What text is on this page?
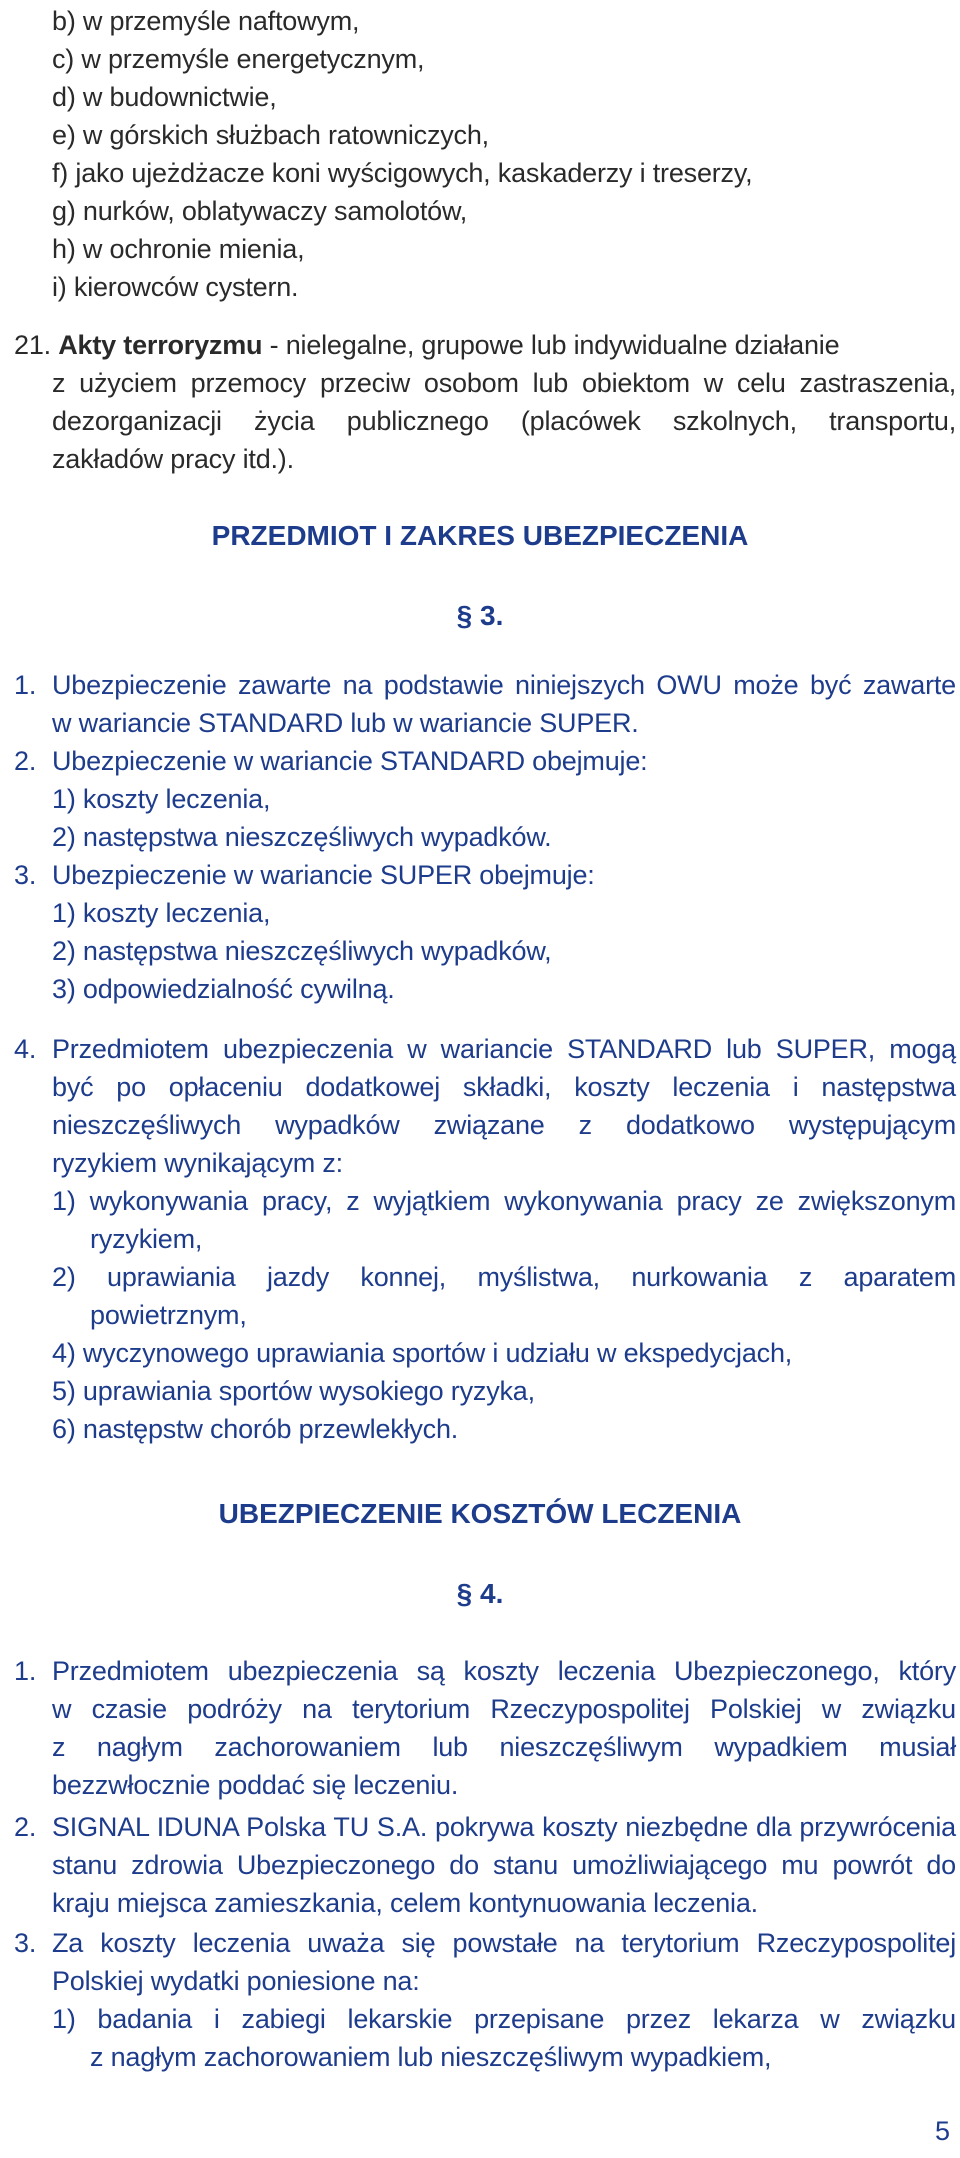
b) w przemyśle naftowym,
c) w przemyśle energetycznym,
d) w budownictwie,
e) w górskich służbach ratowniczych,
f) jako ujeżdżacze koni wyścigowych, kaskaderzy i treserzy,
g) nurków, oblatywaczy samolotów,
h) w ochronie mienia,
i) kierowców cystern.
21. Akty terroryzmu - nielegalne, grupowe lub indywidualne działanie
z użyciem przemocy przeciw osobom lub obiektom w celu zastraszenia,
dezorganizacji życia publicznego (placówek szkolnych, transportu,
zakładów pracy itd.).
PRZEDMIOT I ZAKRES UBEZPIECZENIA
§ 3.
1. Ubezpieczenie zawarte na podstawie niniejszych OWU może być zawarte
w wariancie STANDARD lub w wariancie SUPER.
2. Ubezpieczenie w wariancie STANDARD obejmuje:
1) koszty leczenia,
2) następstwa nieszczęśliwych wypadków.
3. Ubezpieczenie w wariancie SUPER obejmuje:
1) koszty leczenia,
2) następstwa nieszczęśliwych wypadków,
3) odpowiedzialność cywilną.
4. Przedmiotem ubezpieczenia w wariancie STANDARD lub SUPER, mogą
być po opłaceniu dodatkowej składki, koszty leczenia i następstwa
nieszczęśliwych wypadków związane z dodatkowo występującym
ryzykiem wynikającym z:
1) wykonywania pracy, z wyjątkiem wykonywania pracy ze zwiększonym
ryzykiem,
2) uprawiania jazdy konnej, myślistwa, nurkowania z aparatem
powietrznym,
4) wyczynowego uprawiania sportów i udziału w ekspedycjach,
5) uprawiania sportów wysokiego ryzyka,
6) następstw chorób przewlekłych.
UBEZPIECZENIE KOSZTÓW LECZENIA
§ 4.
1. Przedmiotem ubezpieczenia są koszty leczenia Ubezpieczonego, który
w czasie podróży na terytorium Rzeczypospolitej Polskiej w związku
z nagłym zachorowaniem lub nieszczęśliwym wypadkiem musiał
bezzwłocznie poddać się leczeniu.
2. SIGNAL IDUNA Polska TU S.A. pokrywa koszty niezbędne dla przywrócenia
stanu zdrowia Ubezpieczonego do stanu umożliwiającego mu powrót do
kraju miejsca zamieszkania, celem kontynuowania leczenia.
3. Za koszty leczenia uważa się powstałe na terytorium Rzeczypospolitej
Polskiej wydatki poniesione na:
1) badania i zabiegi lekarskie przepisane przez lekarza w związku
z nagłym zachorowaniem lub nieszczęśliwym wypadkiem,
5
